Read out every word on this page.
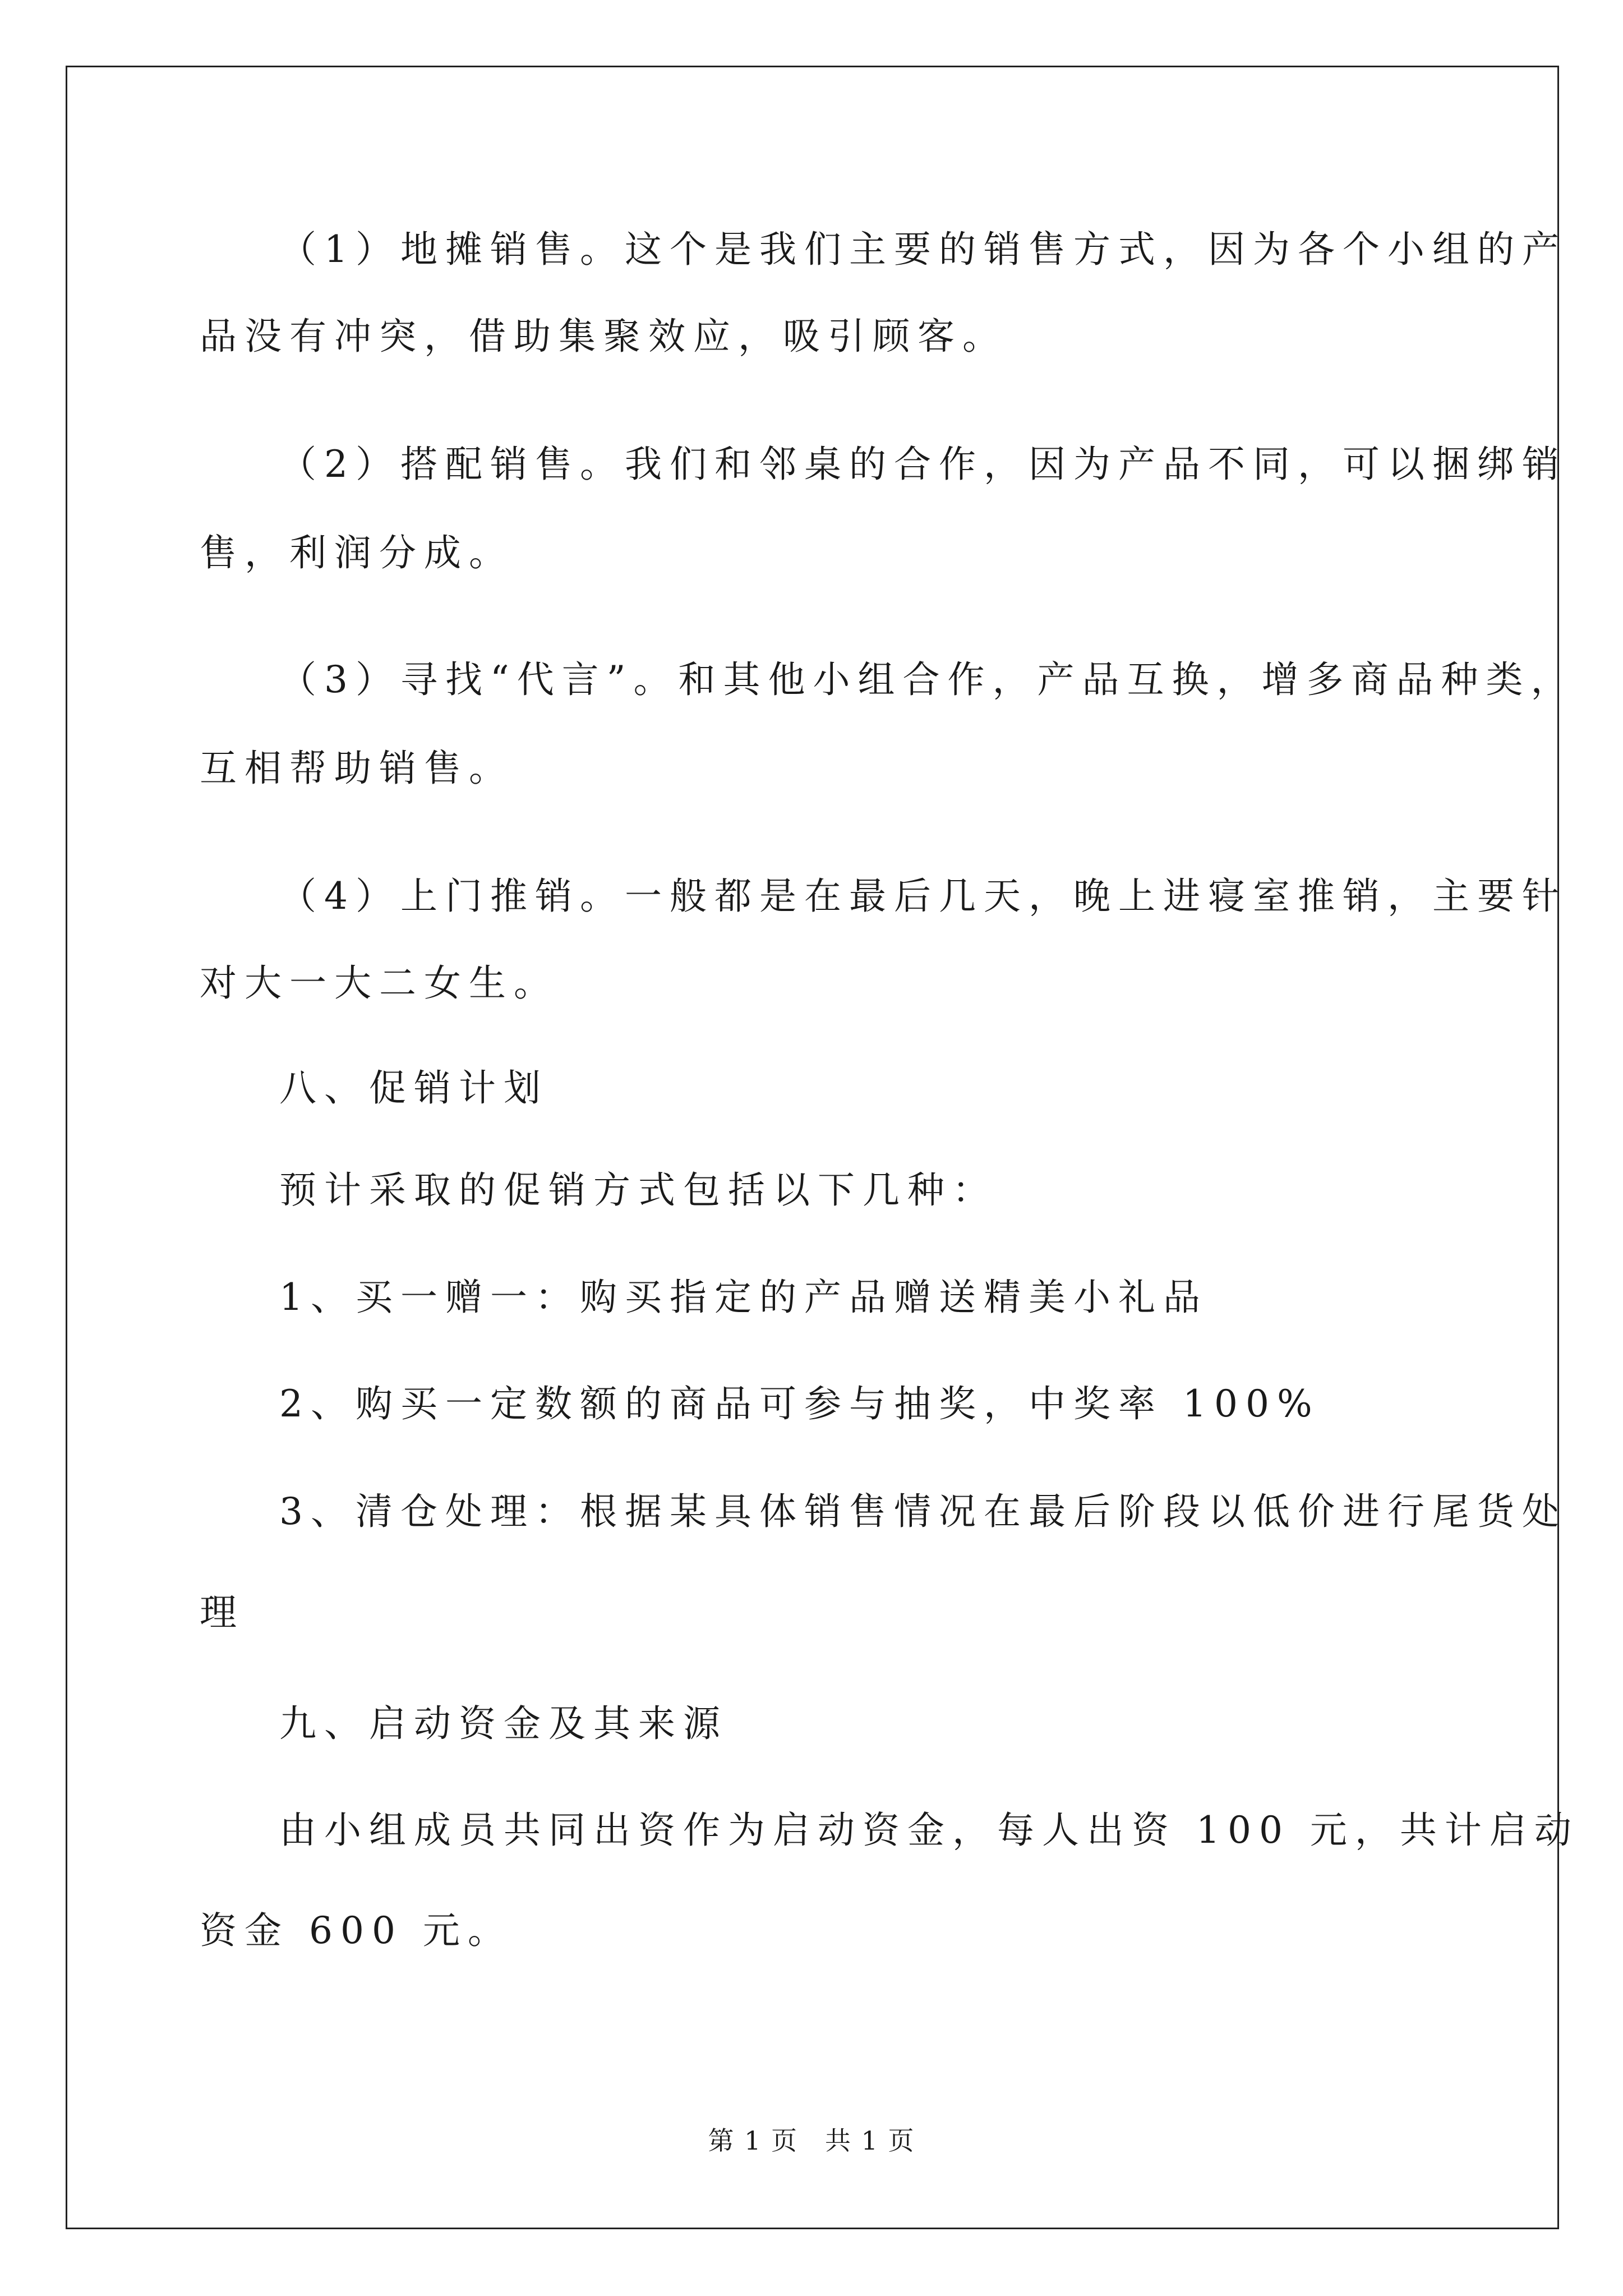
（1）地摊销售。这个是我们主要的销售方式，因为各个小组的产
品没有冲突，借助集聚效应，吸引顾客。
（2）搭配销售。我们和邻桌的合作，因为产品不同，可以捆绑销
售，利润分成。
（3）寻找“代言”。和其他小组合作，产品互换，增多商品种类，
互相帮助销售。
（4）上门推销。一般都是在最后几天，晚上进寝室推销，主要针
对大一大二女生。
八、促销计划
预计采取的促销方式包括以下几种：
1、买一赠一：购买指定的产品赠送精美小礼品
2、购买一定数额的商品可参与抽奖，中奖率 100%
3、清仓处理：根据某具体销售情况在最后阶段以低价进行尾货处
理
九、启动资金及其来源
由小组成员共同出资作为启动资金，每人出资 100 元，共计启动
资金 600 元。
第 1 页　共 1 页
